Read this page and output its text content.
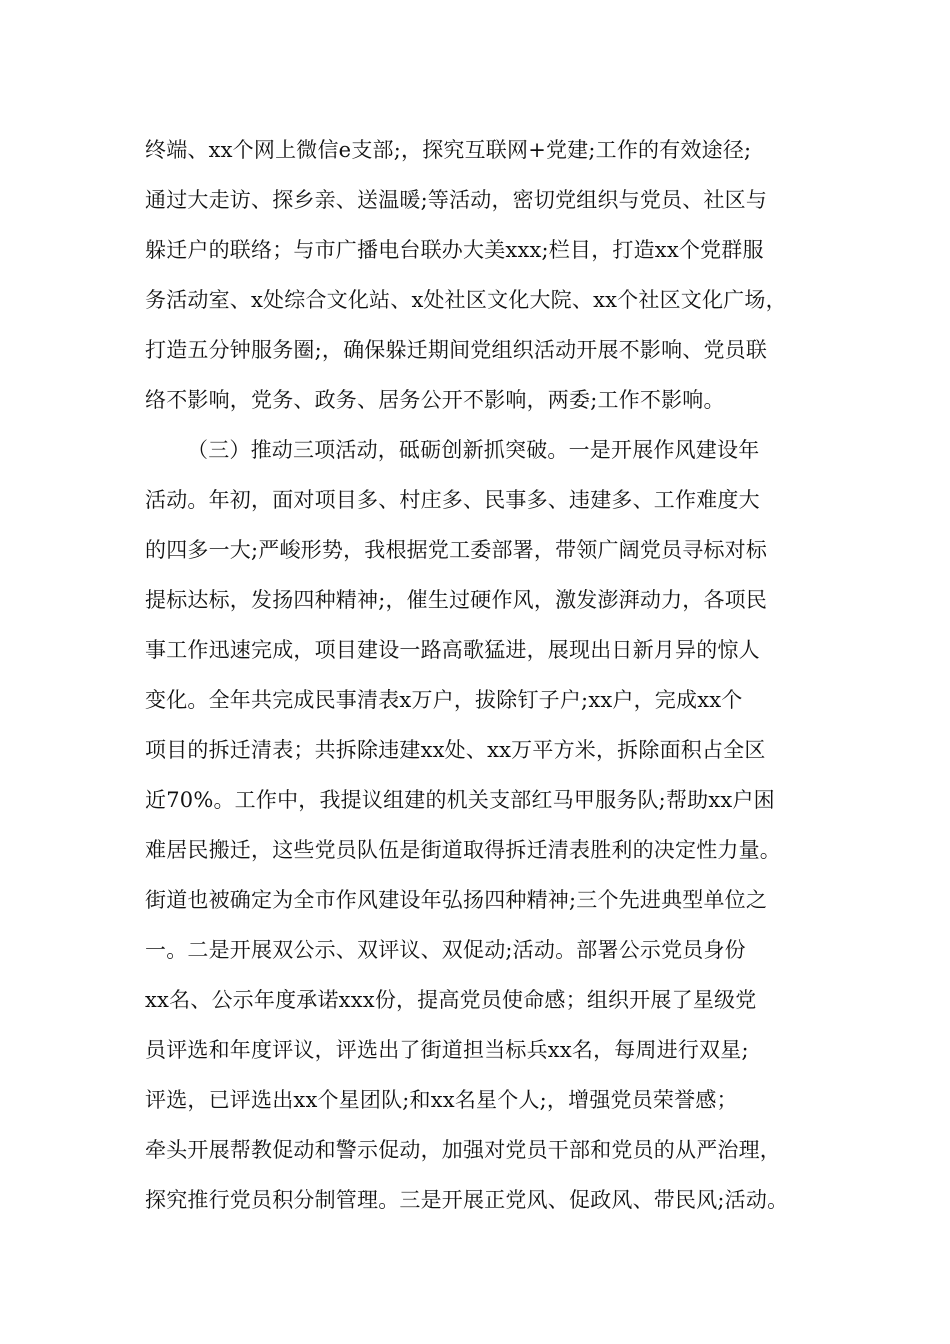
终端、xx个网上微信e支部;，探究互联网+党建;工作的有效途径;
通过大走访、探乡亲、送温暖;等活动，密切党组织与党员、社区与
躲迁户的联络；与市广播电台联办大美xxx;栏目，打造xx个党群服
务活动室、x处综合文化站、x处社区文化大院、xx个社区文化广场，
打造五分钟服务圈;，确保躲迁期间党组织活动开展不影响、党员联
络不影响，党务、政务、居务公开不影响，两委;工作不影响。
（三）推动三项活动，砥砺创新抓突破。一是开展作风建设年
活动。年初，面对项目多、村庄多、民事多、违建多、工作难度大
的四多一大;严峻形势，我根据党工委部署，带领广阔党员寻标对标
提标达标，发扬四种精神;，催生过硬作风，激发澎湃动力，各项民
事工作迅速完成，项目建设一路高歌猛进，展现出日新月异的惊人
变化。全年共完成民事清表x万户，拔除钉子户;xx户，完成xx个
项目的拆迁清表；共拆除违建xx处、xx万平方米，拆除面积占全区
近70%。工作中，我提议组建的机关支部红马甲服务队;帮助xx户困
难居民搬迁，这些党员队伍是街道取得拆迁清表胜利的决定性力量。
街道也被确定为全市作风建设年弘扬四种精神;三个先进典型单位之
一。二是开展双公示、双评议、双促动;活动。部署公示党员身份
xx名、公示年度承诺xxx份，提高党员使命感；组织开展了星级党
员评选和年度评议，评选出了街道担当标兵xx名，每周进行双星;
评选，已评选出xx个星团队;和xx名星个人;，增强党员荣誉感；
牵头开展帮教促动和警示促动，加强对党员干部和党员的从严治理，
探究推行党员积分制管理。三是开展正党风、促政风、带民风;活动。
